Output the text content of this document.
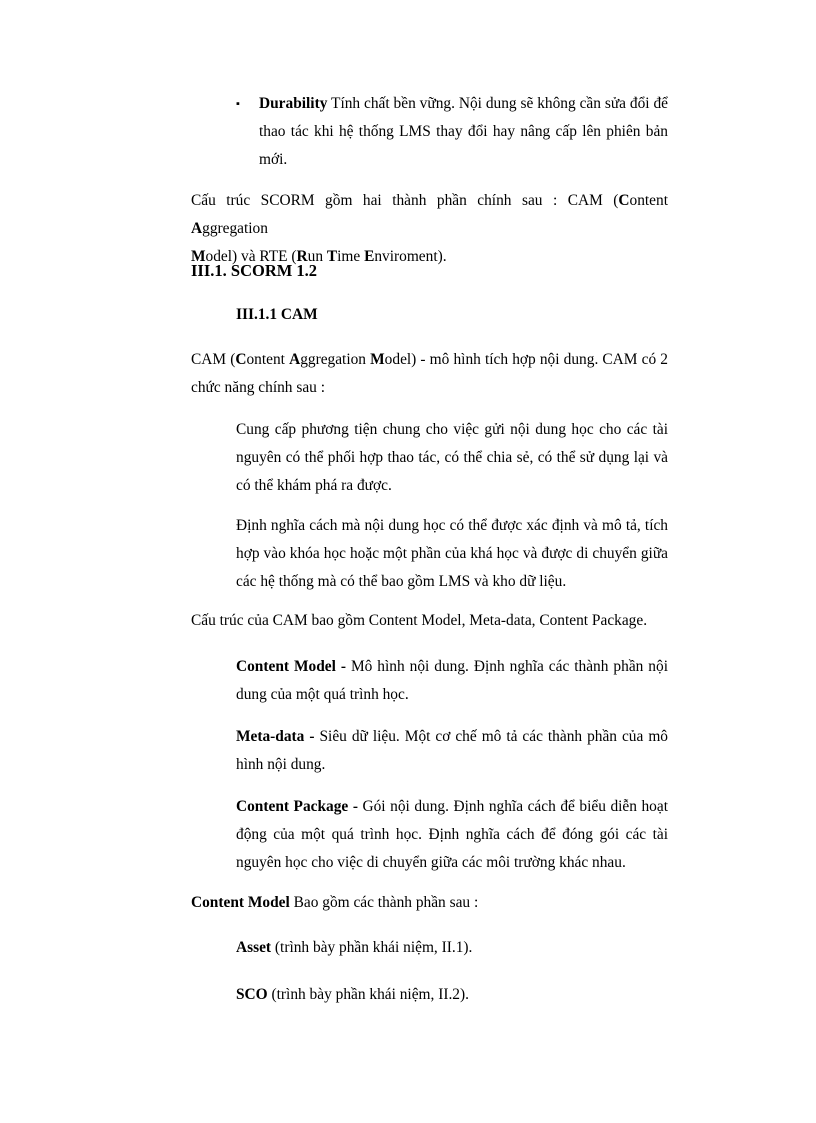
▪ Durability Tính chất bền vững. Nội dung sẽ không cần sửa đổi để
thao tác khi hệ thống LMS thay đổi hay nâng cấp lên phiên bản
mới.
Cấu trúc SCORM gồm hai thành phần chính sau : CAM (Content Aggregation
Model) và RTE (Run Time Enviroment).
III.1. SCORM 1.2
III.1.1 CAM
CAM (Content Aggregation Model) - mô hình tích hợp nội dung. CAM có 2
chức năng chính sau :
Cung cấp phương tiện chung cho việc gửi nội dung học cho các tài
nguyên có thể phối hợp thao tác, có thể chia sẻ, có thể sử dụng lại và
có thể khám phá ra được.
Định nghĩa cách mà nội dung học có thể được xác định và mô tả, tích
hợp vào khóa học hoặc một phần của khá học và được di chuyển giữa
các hệ thống mà có thể bao gồm LMS và kho dữ liệu.
Cấu trúc của CAM bao gồm Content Model, Meta-data, Content Package.
Content Model - Mô hình nội dung. Định nghĩa các thành phần nội
dung của một quá trình học.
Meta-data - Siêu dữ liệu. Một cơ chế mô tả các thành phần của mô
hình nội dung.
Content Package - Gói nội dung. Định nghĩa cách để biểu diễn hoạt
động của một quá trình học. Định nghĩa cách để đóng gói các tài
nguyên học cho việc di chuyển giữa các môi trường khác nhau.
Content Model Bao gồm các thành phần sau :
Asset (trình bày phần khái niệm, II.1).
SCO (trình bày phần khái niệm, II.2).
